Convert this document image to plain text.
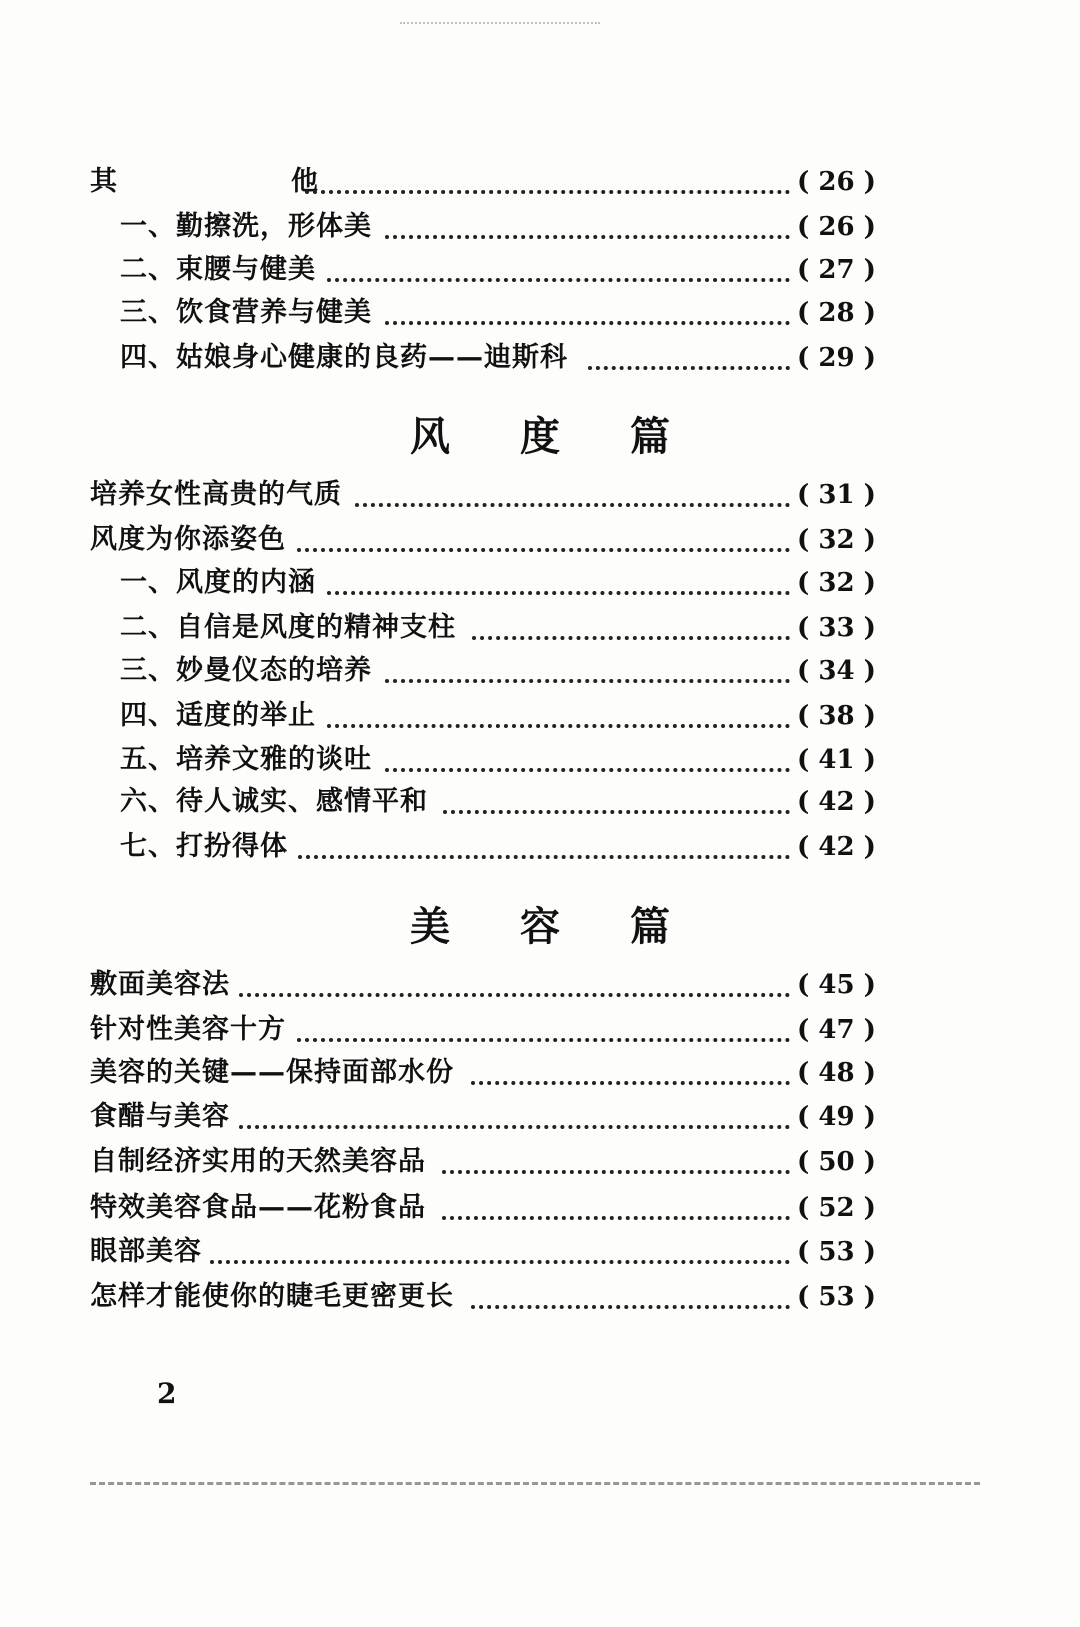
其　　他	( 26 )
一、勤擦洗，形体美	( 26 )
二、束腰与健美	( 27 )
三、饮食营养与健美	( 28 )
四、姑娘身心健康的良药——迪斯科	( 29 )
风度篇
培养女性高贵的气质	( 31 )
风度为你添姿色	( 32 )
一、风度的内涵	( 32 )
二、自信是风度的精神支柱	( 33 )
三、妙曼仪态的培养	( 34 )
四、适度的举止	( 38 )
五、培养文雅的谈吐	( 41 )
六、待人诚实、感情平和	( 42 )
七、打扮得体	( 42 )
美容篇
敷面美容法	( 45 )
针对性美容十方	( 47 )
美容的关键——保持面部水份	( 48 )
食醋与美容	( 49 )
自制经济实用的天然美容品	( 50 )
特效美容食品——花粉食品	( 52 )
眼部美容	( 53 )
怎样才能使你的睫毛更密更长	( 53 )
2
